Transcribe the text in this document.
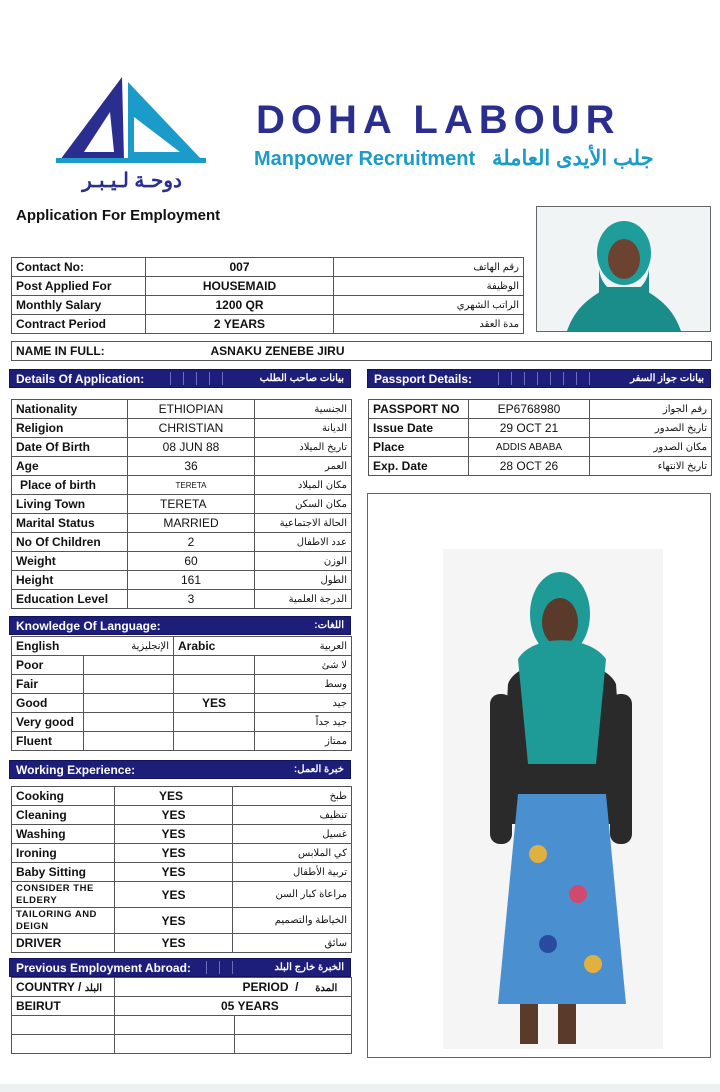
دوحـة لـيـبـر
DOHA LABOUR
Manpower Recruitment جلب الأيدى العاملة
Application For Employment
Contact No:	007	رقم الهاتف
Post Applied For	HOUSEMAID	الوظيفة
Monthly Salary	1200 QR	الراتب الشهري
Contract Period	2 YEARS	مدة العقد
NAME IN FULL:	ASNAKU ZENEBE JIRU
Details Of Application:	بيانات صاحب الطلب	Passport Details:	بيانات جواز السفر
Nationality	ETHIOPIAN	الجنسية
Religion	CHRISTIAN	الديانة
Date Of Birth	08 JUN 88	تاريخ الميلاد
Age	36	العمر
Place of birth	TERETA	مكان الميلاد
Living Town	TERETA	مكان السكن
Marital Status	MARRIED	الحالة الاجتماعية
No Of Children	2	عدد الاطفال
Weight	60	الوزن
Height	161	الطول
Education Level	3	الدرجة العلمية
PASSPORT NO	EP6768980	رقم الجواز
Issue Date	29 OCT 21	تاريخ الصدور
Place	ADDIS ABABA	مكان الصدور
Exp. Date	28 OCT 26	تاريخ الانتهاء
Knowledge Of Language:	اللغات:
English	الإنجليزية	Arabic	العربية
Poor			لا شئ
Fair			وسط
Good		YES	جيد
Very good			جيد جداً
Fluent			ممتاز
Working Experience:	خبرة العمل:
Cooking	YES	طبخ
Cleaning	YES	تنظيف
Washing	YES	غسيل
Ironing	YES	كي الملابس
Baby Sitting	YES	تربية الأطفال
CONSIDER THE ELDERY	YES	مراعاة كبار السن
TAILORING AND DEIGN	YES	الخياطة والتصميم
DRIVER	YES	سائق
Previous Employment Abroad:	الخبرة خارج البلد
COUNTRY / البلد		PERIOD  /     المدة
BEIRUT	05 YEARS	
